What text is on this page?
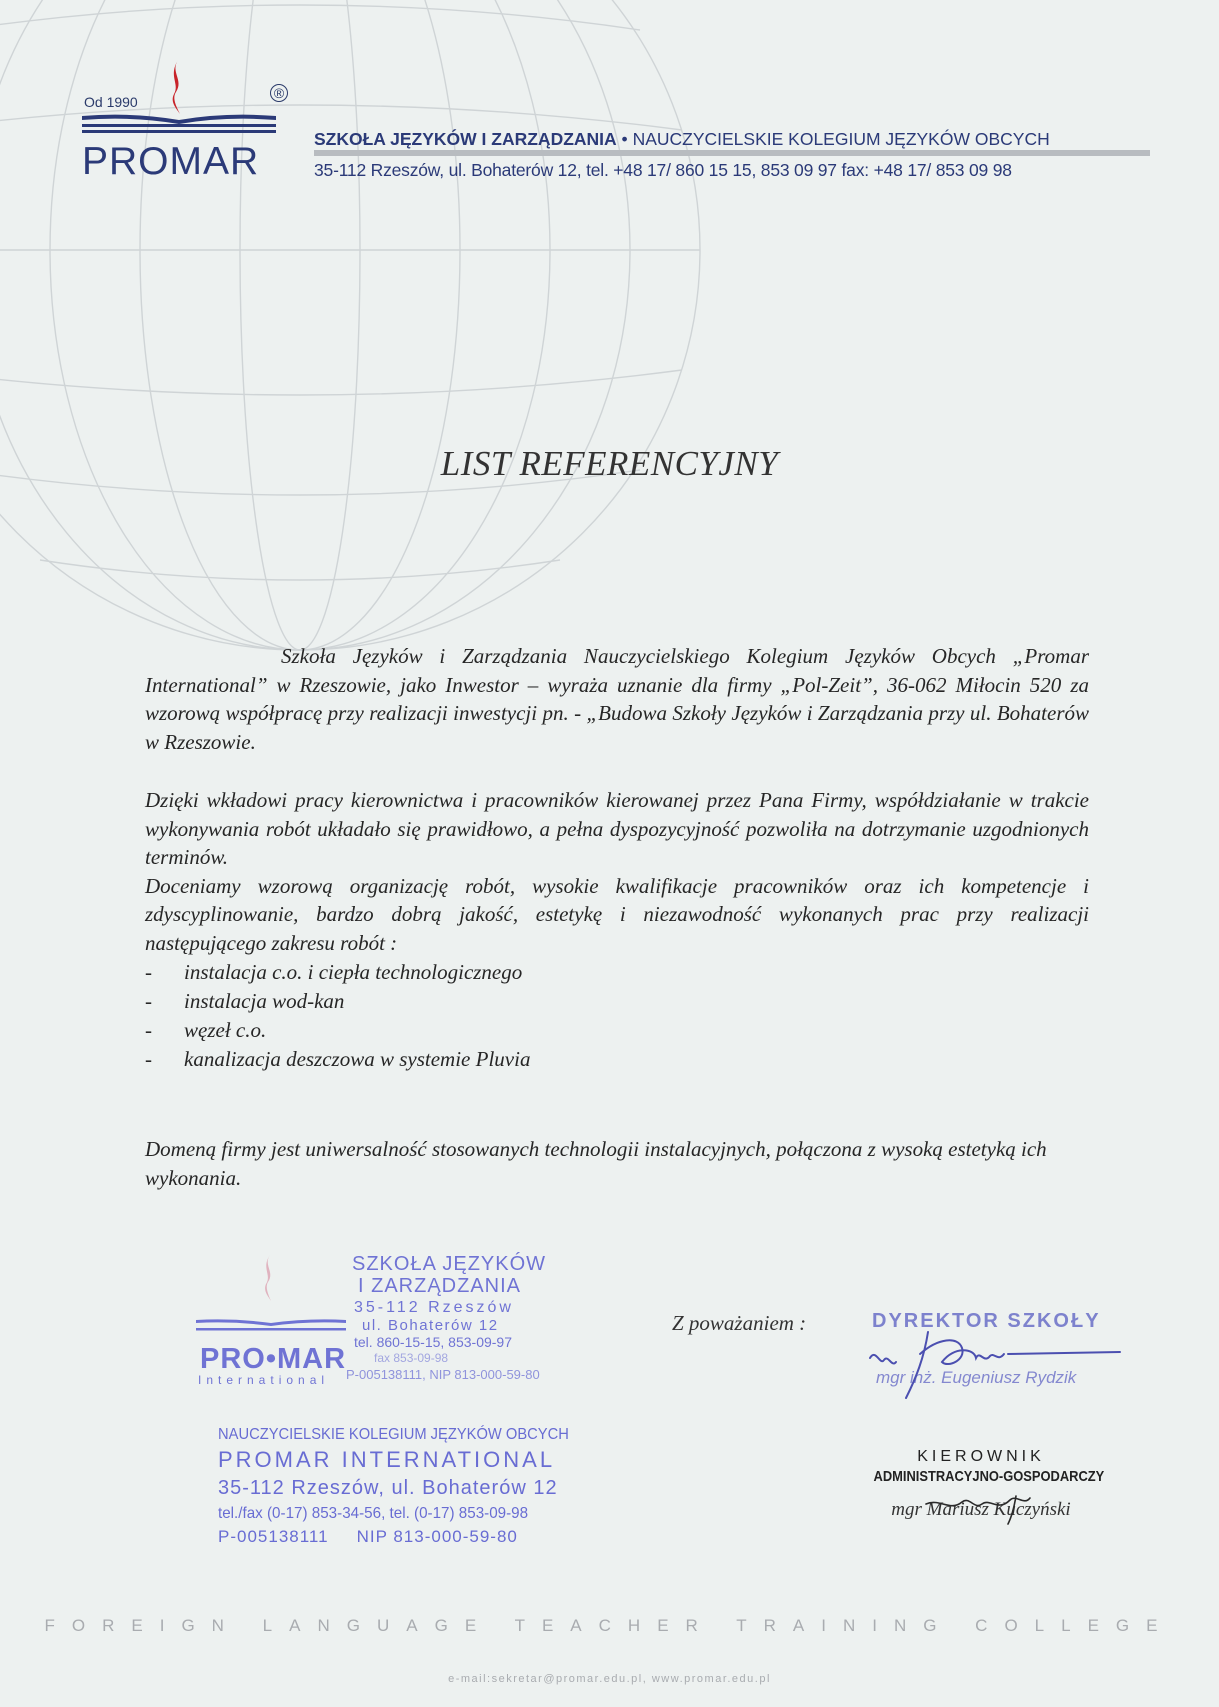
Od 1990
®
PROMAR
SZKOŁA JĘZYKÓW I ZARZĄDZANIA • NAUCZYCIELSKIE KOLEGIUM JĘZYKÓW OBCYCH
35-112 Rzeszów, ul. Bohaterów 12, tel. +48 17/ 860 15 15, 853 09 97 fax: +48 17/ 853 09 98
LIST REFERENCYJNY
Szkoła Języków i Zarządzania Nauczycielskiego Kolegium Języków Obcych „Promar International” w Rzeszowie, jako Inwestor – wyraża uznanie dla firmy „Pol-Zeit”, 36-062 Miłocin 520 za wzorową współpracę przy realizacji inwestycji pn. - „Budowa Szkoły Języków i Zarządzania przy ul. Bohaterów w Rzeszowie.
Dzięki wkładowi pracy kierownictwa i pracowników kierowanej przez Pana Firmy, współdziałanie w trakcie wykonywania robót układało się prawidłowo, a pełna dyspozycyjność pozwoliła na dotrzymanie uzgodnionych terminów.
Doceniamy wzorową organizację robót, wysokie kwalifikacje pracowników oraz ich kompetencje i zdyscyplinowanie, bardzo dobrą jakość, estetykę i niezawodność wykonanych prac przy realizacji następującego zakresu robót :
- instalacja c.o. i ciepła technologicznego
- instalacja wod-kan
- węzeł c.o.
- kanalizacja deszczowa w systemie Pluvia
Domeną firmy jest uniwersalność stosowanych technologii instalacyjnych, połączona z wysoką estetyką ich wykonania.
PRO•MAR
International
SZKOŁA JĘZYKÓW
I ZARZĄDZANIA
35-112 Rzeszów
ul. Bohaterów 12
tel. 860-15-15, 853-09-97
fax 853-09-98
P-005138111, NIP 813-000-59-80
NAUCZYCIELSKIE KOLEGIUM JĘZYKÓW OBCYCH
PROMAR INTERNATIONAL
35-112 Rzeszów, ul. Bohaterów 12
tel./fax (0-17) 853-34-56, tel. (0-17) 853-09-98
P-005138111 NIP 813-000-59-80
Z poważaniem :	DYREKTOR SZKOŁY
mgr inż. Eugeniusz Rydzik
KIEROWNIK
ADMINISTRACYJNO-GOSPODARCZY
mgr Mariusz Kuczyński
FOREIGN LANGUAGE TEACHER TRAINING COLLEGE
e-mail:sekretar@promar.edu.pl, www.promar.edu.pl
